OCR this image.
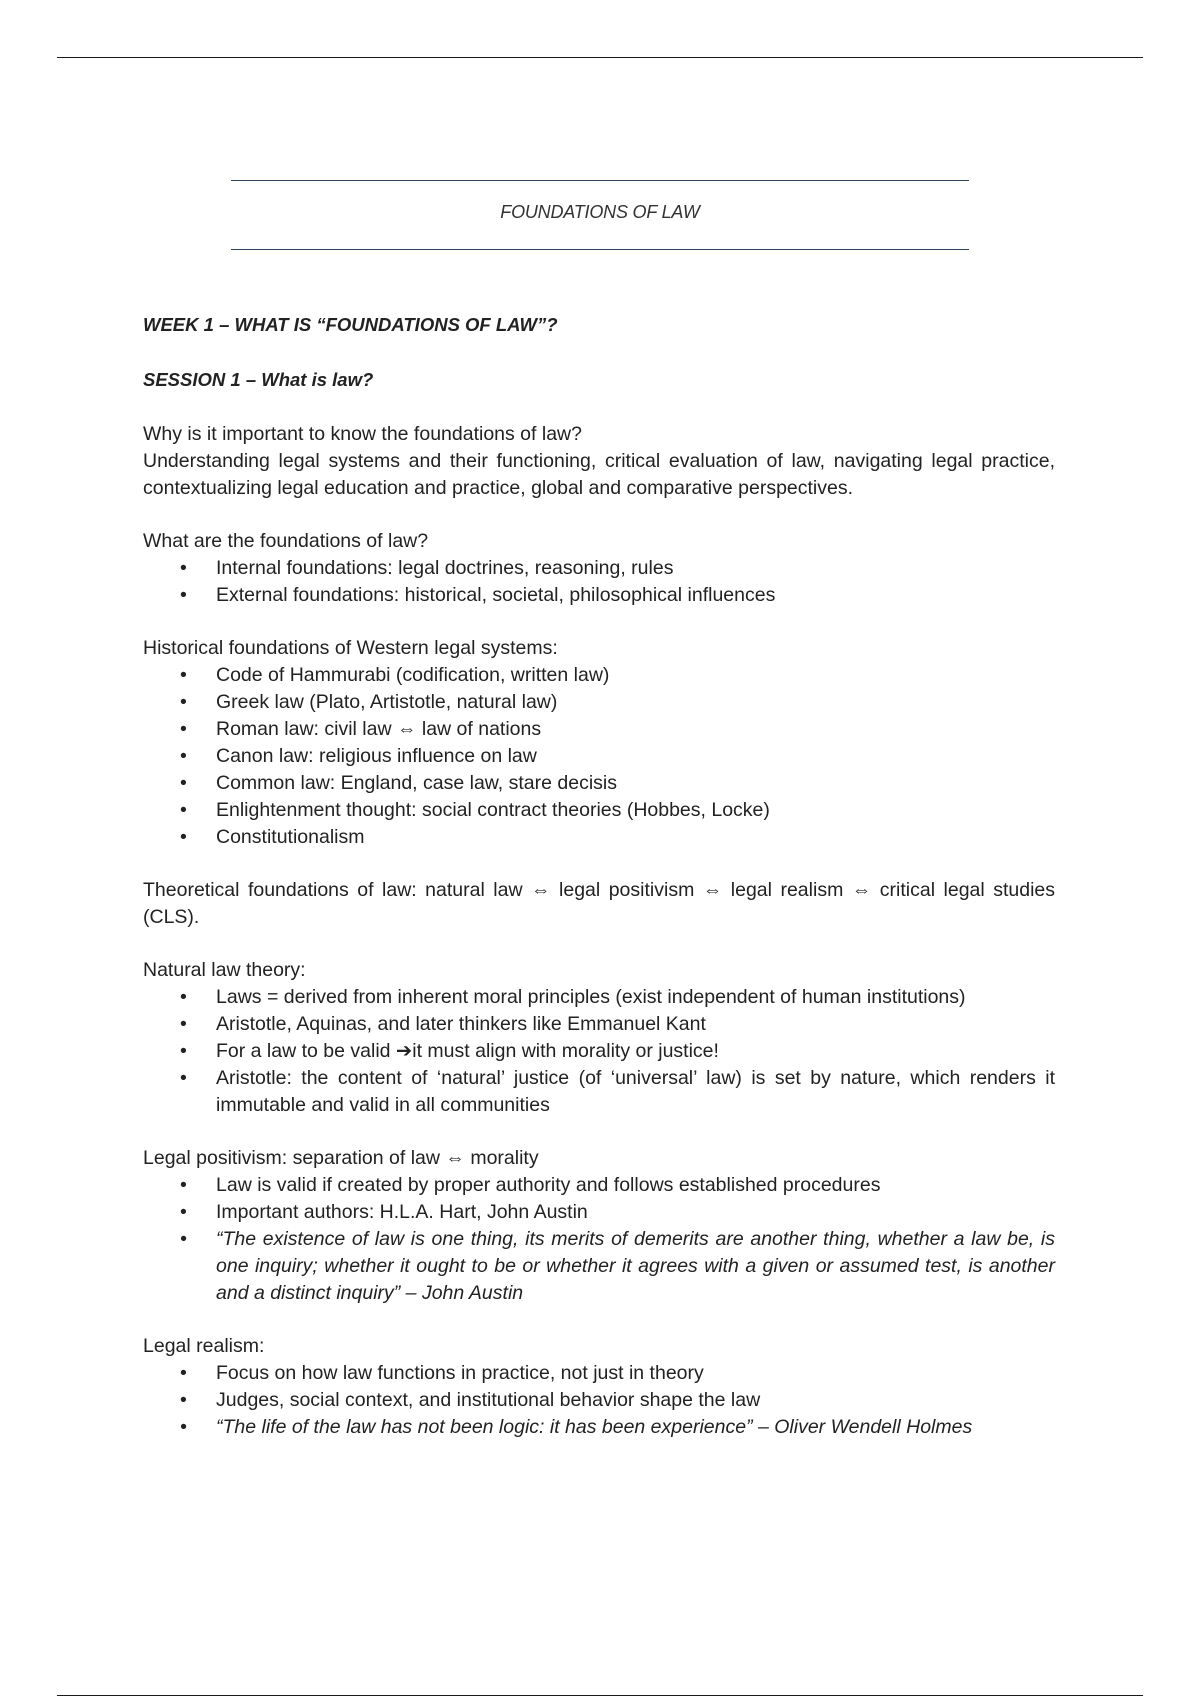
FOUNDATIONS OF LAW

WEEK 1 – WHAT IS “FOUNDATIONS OF LAW”?

SESSION 1 – What is law?

Why is it important to know the foundations of law?

Understanding legal systems and their functioning, critical evaluation of law, navigating legal practice, contextualizing legal education and practice, global and comparative perspectives.

What are the foundations of law?

• Internal foundations: legal doctrines, reasoning, rules
• External foundations: historical, societal, philosophical influences

Historical foundations of Western legal systems:

• Code of Hammurabi (codification, written law)
• Greek law (Plato, Artistotle, natural law)
• Roman law: civil law ⇔ law of nations
• Canon law: religious influence on law
• Common law: England, case law, stare decisis
• Enlightenment thought: social contract theories (Hobbes, Locke)
• Constitutionalism

Theoretical foundations of law: natural law ⇔ legal positivism ⇔ legal realism ⇔ critical legal studies (CLS).

Natural law theory:

• Laws = derived from inherent moral principles (exist independent of human institutions)
• Aristotle, Aquinas, and later thinkers like Emmanuel Kant
• For a law to be valid ➔it must align with morality or justice!
• Aristotle: the content of ‘natural’ justice (of ‘universal’ law) is set by nature, which renders it immutable and valid in all communities

Legal positivism: separation of law ⇔ morality

• Law is valid if created by proper authority and follows established procedures
• Important authors: H.L.A. Hart, John Austin
• “The existence of law is one thing, its merits of demerits are another thing, whether a law be, is one inquiry; whether it ought to be or whether it agrees with a given or assumed test, is another and a distinct inquiry” – John Austin

Legal realism:

• Focus on how law functions in practice, not just in theory
• Judges, social context, and institutional behavior shape the law
• “The life of the law has not been logic: it has been experience” – Oliver Wendell Holmes
